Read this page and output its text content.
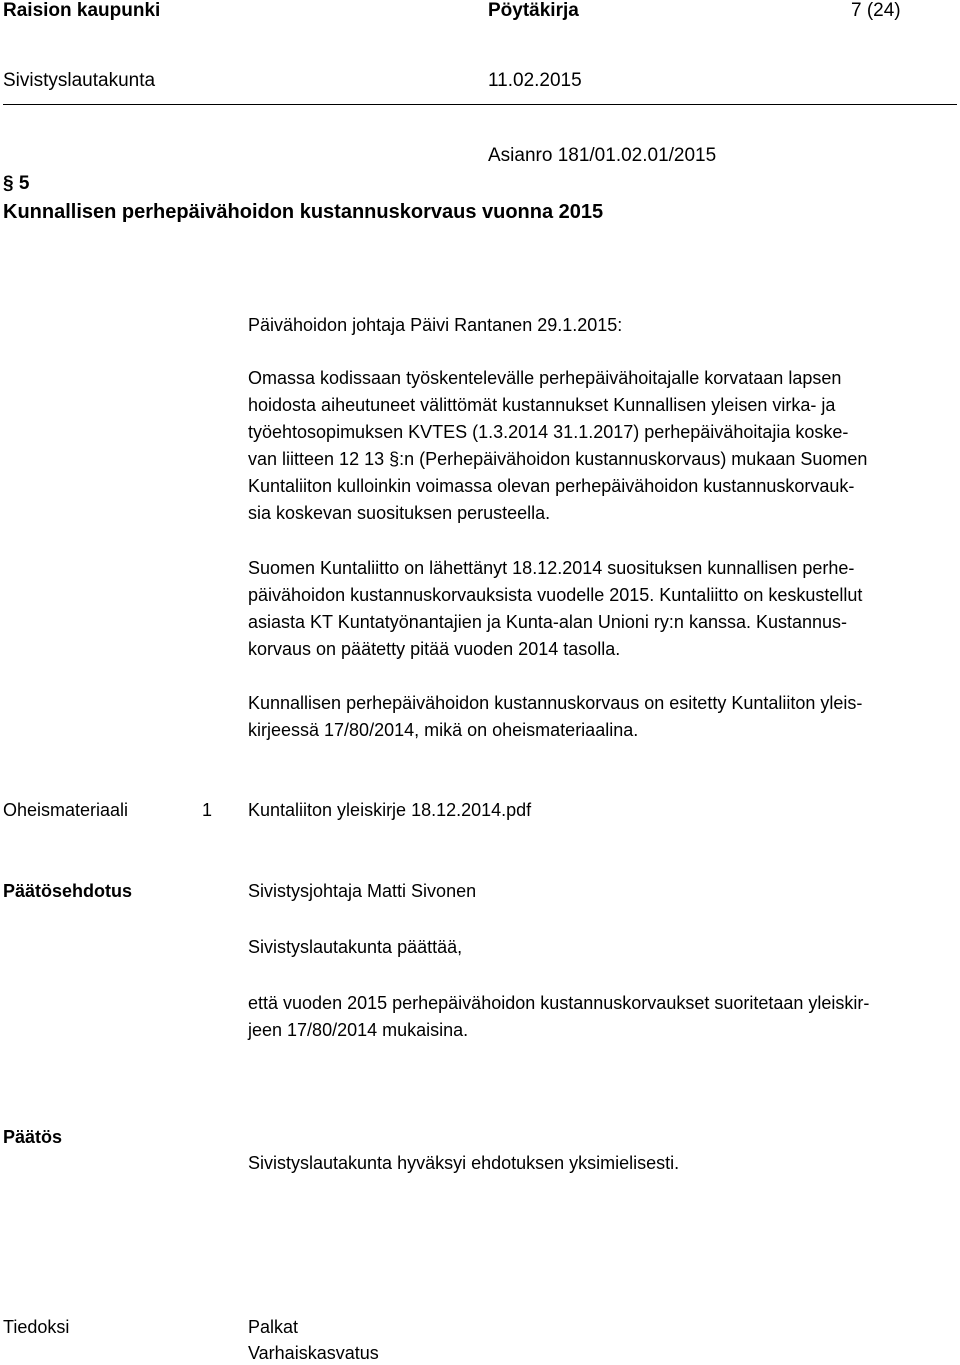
Raision kaupunki	Pöytäkirja	7 (24)
Sivistyslautakunta	11.02.2015
Asianro 181/01.02.01/2015
§ 5
Kunnallisen perhepäivähoidon kustannuskorvaus vuonna 2015
Päivähoidon johtaja Päivi Rantanen 29.1.2015:
Omassa kodissaan työskentelevälle perhepäivähoitajalle korvataan lapsen
hoidosta aiheutuneet välittömät kustannukset Kunnallisen yleisen virka- ja
työehtosopimuksen KVTES (1.3.2014 31.1.2017) perhepäivähoitajia koske-
van liitteen 12 13 §:n (Perhepäivähoidon kustannuskorvaus) mukaan Suomen
Kuntaliiton kulloinkin voimassa olevan perhepäivähoidon kustannuskorvauk-
sia koskevan suosituksen perusteella.
Suomen Kuntaliitto on lähettänyt 18.12.2014 suosituksen kunnallisen perhe-
päivähoidon kustannuskorvauksista vuodelle 2015. Kuntaliitto on keskustellut
asiasta KT Kuntatyönantajien ja Kunta-alan Unioni ry:n kanssa. Kustannus-
korvaus on päätetty pitää vuoden 2014 tasolla.
Kunnallisen perhepäivähoidon kustannuskorvaus on esitetty Kuntaliiton yleis-
kirjeessä 17/80/2014, mikä on oheismateriaalina.
Oheismateriaali	1 Kuntaliiton yleiskirje 18.12.2014.pdf
Päätösehdotus	Sivistysjohtaja Matti Sivonen
Sivistyslautakunta päättää,
että vuoden 2015 perhepäivähoidon kustannuskorvaukset suoritetaan yleiskir-
jeen 17/80/2014 mukaisina.
Päätös
Sivistyslautakunta hyväksyi ehdotuksen yksimielisesti.
Tiedoksi	Palkat
Varhaiskasvatus
